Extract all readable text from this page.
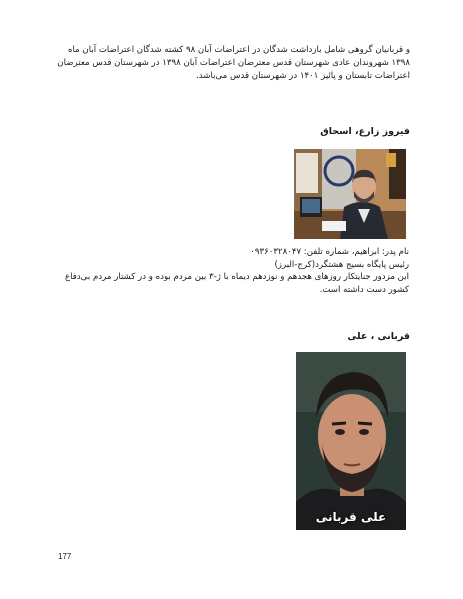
و قربانیان گروهی شامل بازداشت شدگان در اعتراضات آبان ۹۸ کشته شدگان اعتراضات آبان ماه
۱۳۹۸ شهروندان عادی شهرستان قدس معترضان اعتراضات آبان ۱۳۹۸ در شهرستان قدس معترضان
اعتراضات تابستان و پائیز ۱۴۰۱ در شهرستان قدس می‌باشد.
فیروز زارع، اسحاق
نام پدر: ابراهیم، شماره تلفن: ۰۹۳۶۰۳۲۸۰۴۷
رئیس پایگاه بسیج هشتگرد(کرج-البرز)
این مزدور جنایتکار روزهای هجدهم و نوزدهم دیماه با ژ-۳ بین مردم بوده و در کشتار مردم بی‌دفاع
کشور دست داشته است.
قربانی ، علی
علی قربانی
177
